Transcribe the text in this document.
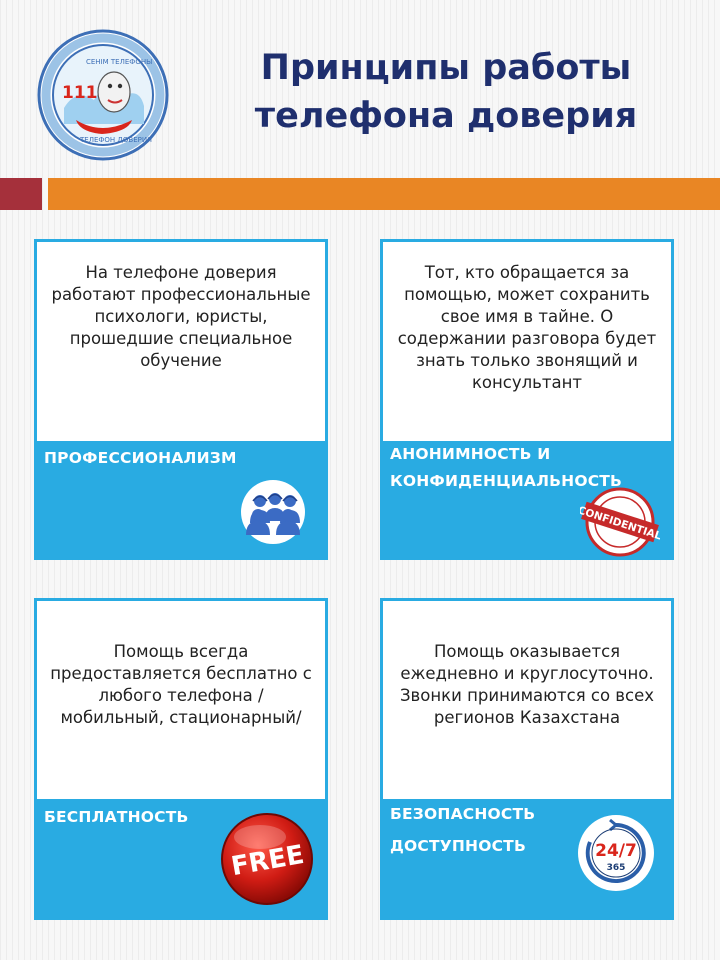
111
СЕНІМ ТЕЛЕФОНЫ
ТЕЛЕФОН ДОВЕРИЯ
Принципы работы
телефона доверия
На телефоне доверия работают профессиональные психологи, юристы, прошедшие специальное обучение
ПРОФЕССИОНАЛИЗМ
Тот, кто обращается за помощью, может сохранить свое имя в тайне. О содержании разговора будет знать только звонящий и консультант
АНОНИМНОСТЬ И
КОНФИДЕНЦИАЛЬНОСТЬ
CONFIDENTIAL
Помощь всегда предоставляется бесплатно с любого телефона /мобильный, стационарный/
БЕСПЛАТНОСТЬ
FREE
Помощь оказывается ежедневно и круглосуточно. Звонки принимаются со всех регионов Казахстана
БЕЗОПАСНОСТЬ
ДОСТУПНОСТЬ	24/7
365
